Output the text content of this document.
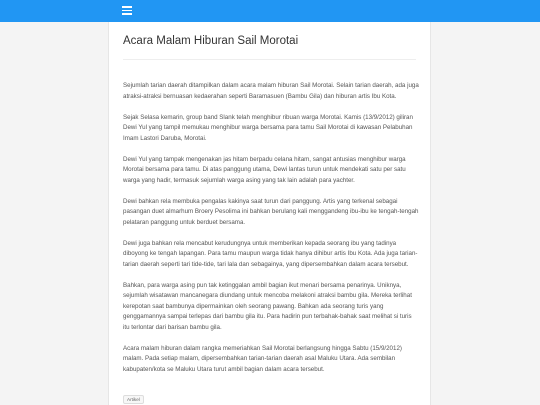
Acara Malam Hiburan Sail Morotai

Sejumlah tarian daerah ditampilkan dalam acara malam hiburan Sail Morotai. Selain tarian daerah, ada juga atraksi-atraksi bernuasan kedaerahan seperti Baramasuen (Bambu Gila) dan hiburan artis Ibu Kota.

Sejak Selasa kemarin, group band Slank telah menghibur ribuan warga Morotai. Kamis (13/9/2012) giliran Dewi Yul yang tampil memukau menghibur warga bersama para tamu Sail Morotai di kawasan Pelabuhan Imam Lastori Daruba, Morotai.

Dewi Yul yang tampak mengenakan jas hitam berpadu celana hitam, sangat antusias menghibur warga Morotai bersama para tamu. Di atas panggung utama, Dewi lantas turun untuk mendekati satu per satu warga yang hadir, termasuk sejumlah warga asing yang tak lain adalah para yachter.

Dewi bahkan rela membuka pengalas kakinya saat turun dari panggung. Artis yang terkenal sebagai pasangan duet almarhum Broery Pesolima ini bahkan berulang kali menggandeng ibu-ibu ke tengah-tengah pelataran panggung untuk berduet bersama.

Dewi juga bahkan rela mencabut kerudungnya untuk memberikan kepada seorang ibu yang tadinya diboyong ke tengah lapangan. Para tamu maupun warga tidak hanya dihibur artis Ibu Kota. Ada juga tarian-tarian daerah seperti tari tide-tide, tari lala dan sebagainya, yang dipersembahkan dalam acara tersebut.

Bahkan, para warga asing pun tak ketinggalan ambil bagian ikut menari bersama penarinya. Uniknya, sejumlah wisatawan mancanegara diundang untuk mencoba melakoni atraksi bambu gila. Mereka terlihat kerepotan saat bambunya dipermainkan oleh seorang pawang. Bahkan ada seorang turis yang genggamannya sampai terlepas dari bambu gila itu. Para hadirin pun terbahak-bahak saat melihat si turis itu terlontar dari barisan bambu gila.

Acara malam hiburan dalam rangka memeriahkan Sail Morotai berlangsung hingga Sabtu (15/9/2012) malam. Pada setiap malam, dipersembahkan tarian-tarian daerah asal Maluku Utara. Ada sembilan kabupaten/kota se Maluku Utara turut ambil bagian dalam acara tersebut.

Artikel
